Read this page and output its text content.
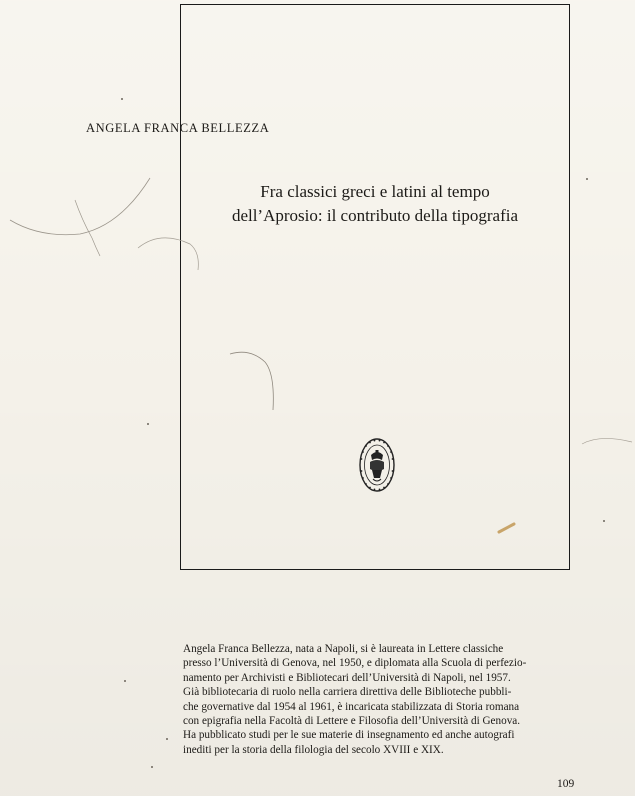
ANGELA FRANCA BELLEZZA
Fra classici greci e latini al tempo
dell’Aprosio: il contributo della tipografia
Angela Franca Bellezza, nata a Napoli, si è laureata in Lettere classiche
presso l’Università di Genova, nel 1950, e diplomata alla Scuola di perfezio-
namento per Archivisti e Bibliotecari dell’Università di Napoli, nel 1957.
Già bibliotecaria di ruolo nella carriera direttiva delle Biblioteche pubbli-
che governative dal 1954 al 1961, è incaricata stabilizzata di Storia romana
con epigrafia nella Facoltà di Lettere e Filosofia dell’Università di Genova.
Ha pubblicato studi per le sue materie di insegnamento ed anche autografi
inediti per la storia della filologia del secolo XVIII e XIX.
109
